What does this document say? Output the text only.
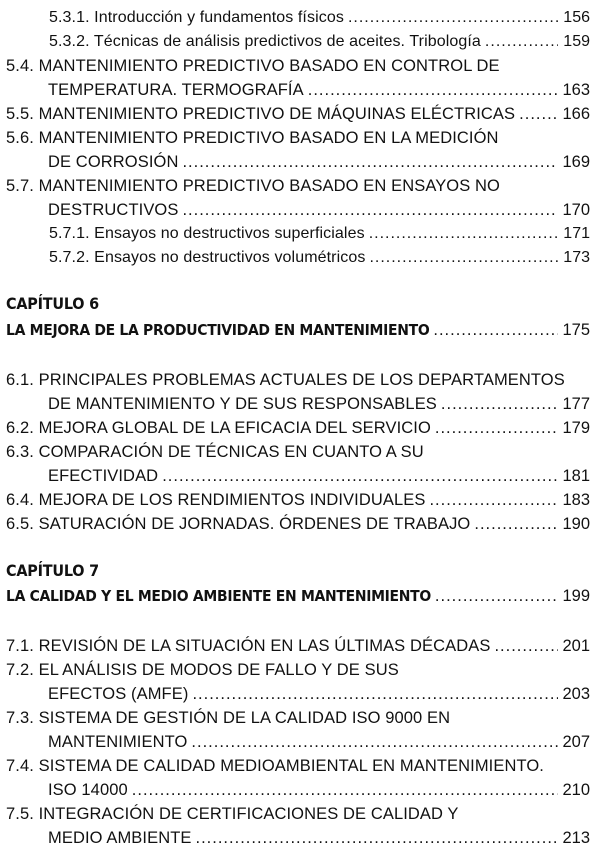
5.3.1. Introducción y fundamentos físicos .....	156
5.3.2. Técnicas de análisis predictivos de aceites. Tribología .....	159
5.4. MANTENIMIENTO PREDICTIVO BASADO EN CONTROL DE
TEMPERATURA. TERMOGRAFÍA .....	163
5.5. MANTENIMIENTO PREDICTIVO DE MÁQUINAS ELÉCTRICAS .....	166
5.6. MANTENIMIENTO PREDICTIVO BASADO EN LA MEDICIÓN
DE CORROSIÓN .....	169
5.7. MANTENIMIENTO PREDICTIVO BASADO EN ENSAYOS NO
DESTRUCTIVOS .....	170
5.7.1. Ensayos no destructivos superficiales .....	171
5.7.2. Ensayos no destructivos volumétricos .....	173
CAPÍTULO 6
LA MEJORA DE LA PRODUCTIVIDAD EN MANTENIMIENTO .....	175
6.1. PRINCIPALES PROBLEMAS ACTUALES DE LOS DEPARTAMENTOS
DE MANTENIMIENTO Y DE SUS RESPONSABLES .....	177
6.2. MEJORA GLOBAL DE LA EFICACIA DEL SERVICIO .....	179
6.3. COMPARACIÓN DE TÉCNICAS EN CUANTO A SU
EFECTIVIDAD .....	181
6.4. MEJORA DE LOS RENDIMIENTOS INDIVIDUALES .....	183
6.5. SATURACIÓN DE JORNADAS. ÓRDENES DE TRABAJO .....	190
CAPÍTULO 7
LA CALIDAD Y EL MEDIO AMBIENTE EN MANTENIMIENTO .....	199
7.1. REVISIÓN DE LA SITUACIÓN EN LAS ÚLTIMAS DÉCADAS .....	201
7.2. EL ANÁLISIS DE MODOS DE FALLO Y DE SUS
EFECTOS (AMFE) .....	203
7.3. SISTEMA DE GESTIÓN DE LA CALIDAD ISO 9000 EN
MANTENIMIENTO .....	207
7.4. SISTEMA DE CALIDAD MEDIOAMBIENTAL EN MANTENIMIENTO.
ISO 14000 .....	210
7.5. INTEGRACIÓN DE CERTIFICACIONES DE CALIDAD Y
MEDIO AMBIENTE .....	213
